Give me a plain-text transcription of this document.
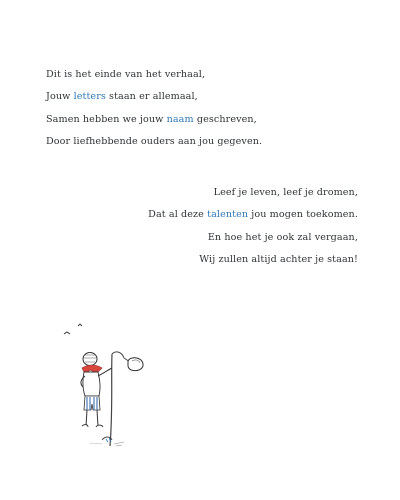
Dit is het einde van het verhaal,
Jouw letters staan er allemaal,
Samen hebben we jouw naam geschreven,
Door liefhebbende ouders aan jou gegeven.
Leef je leven, leef je dromen,
Dat al deze talenten jou mogen toekomen.
En hoe het je ook zal vergaan,
Wij zullen altijd achter je staan!
